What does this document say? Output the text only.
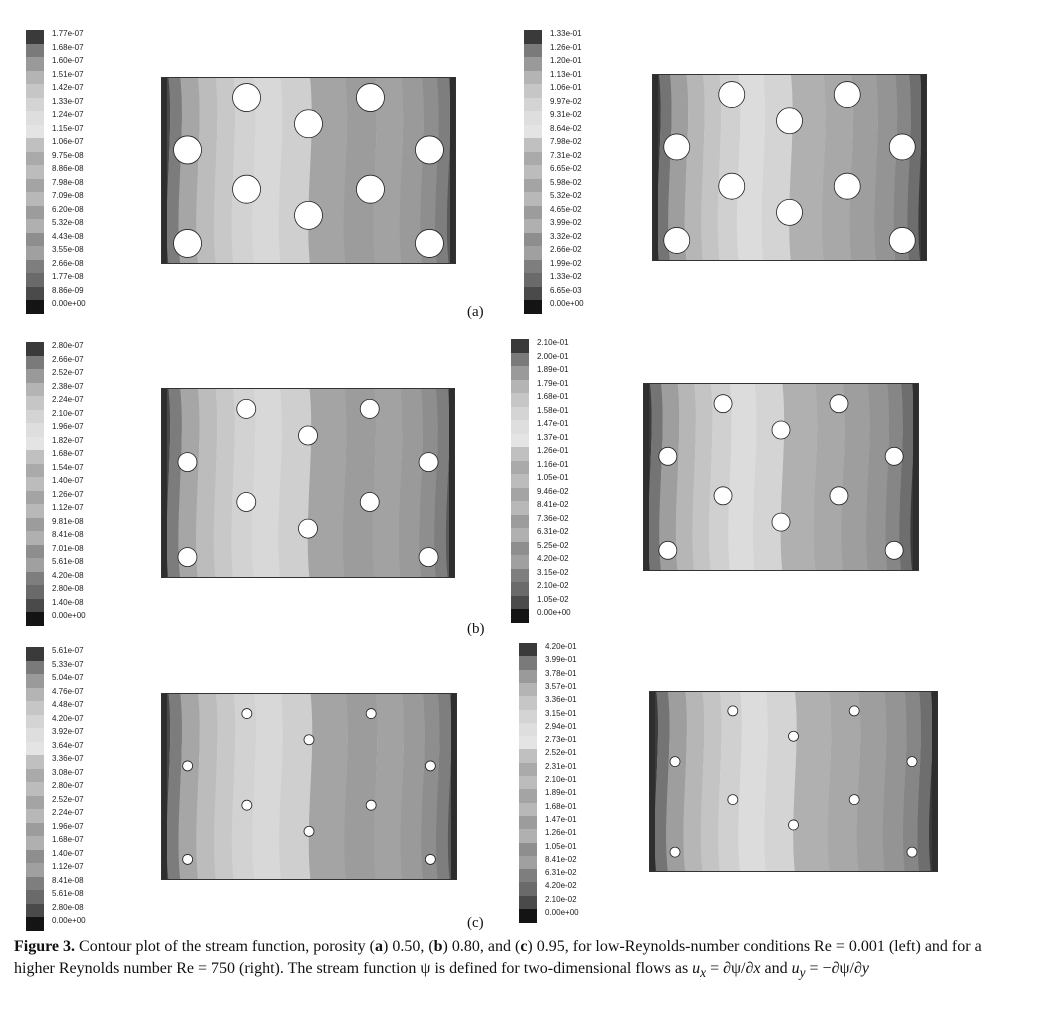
1.77e-07
1.68e-07
1.60e-07
1.51e-07
1.42e-07
1.33e-07
1.24e-07
1.15e-07
1.06e-07
9.75e-08
8.86e-08
7.98e-08
7.09e-08
6.20e-08
5.32e-08
4.43e-08
3.55e-08
2.66e-08
1.77e-08
8.86e-09
0.00e+00
1.33e-01
1.26e-01
1.20e-01
1.13e-01
1.06e-01
9.97e-02
9.31e-02
8.64e-02
7.98e-02
7.31e-02
6.65e-02
5.98e-02
5.32e-02
4.65e-02
3.99e-02
3.32e-02
2.66e-02
1.99e-02
1.33e-02
6.65e-03
0.00e+00
2.80e-07
2.66e-07
2.52e-07
2.38e-07
2.24e-07
2.10e-07
1.96e-07
1.82e-07
1.68e-07
1.54e-07
1.40e-07
1.26e-07
1.12e-07
9.81e-08
8.41e-08
7.01e-08
5.61e-08
4.20e-08
2.80e-08
1.40e-08
0.00e+00
2.10e-01
2.00e-01
1.89e-01
1.79e-01
1.68e-01
1.58e-01
1.47e-01
1.37e-01
1.26e-01
1.16e-01
1.05e-01
9.46e-02
8.41e-02
7.36e-02
6.31e-02
5.25e-02
4.20e-02
3.15e-02
2.10e-02
1.05e-02
0.00e+00
5.61e-07
5.33e-07
5.04e-07
4.76e-07
4.48e-07
4.20e-07
3.92e-07
3.64e-07
3.36e-07
3.08e-07
2.80e-07
2.52e-07
2.24e-07
1.96e-07
1.68e-07
1.40e-07
1.12e-07
8.41e-08
5.61e-08
2.80e-08
0.00e+00
4.20e-01
3.99e-01
3.78e-01
3.57e-01
3.36e-01
3.15e-01
2.94e-01
2.73e-01
2.52e-01
2.31e-01
2.10e-01
1.89e-01
1.68e-01
1.47e-01
1.26e-01
1.05e-01
8.41e-02
6.31e-02
4.20e-02
2.10e-02
0.00e+00
(a)
(b)
(c)
Figure 3. Contour plot of the stream function, porosity (a) 0.50, (b) 0.80, and (c) 0.95, for low-Reynolds-number conditions Re = 0.001 (left) and for a higher Reynolds number Re = 750 (right). The stream function ψ is defined for two-dimensional flows as $u_x = \partial\psi/\partial x$ and $u_y = -\partial\psi/\partial y$
